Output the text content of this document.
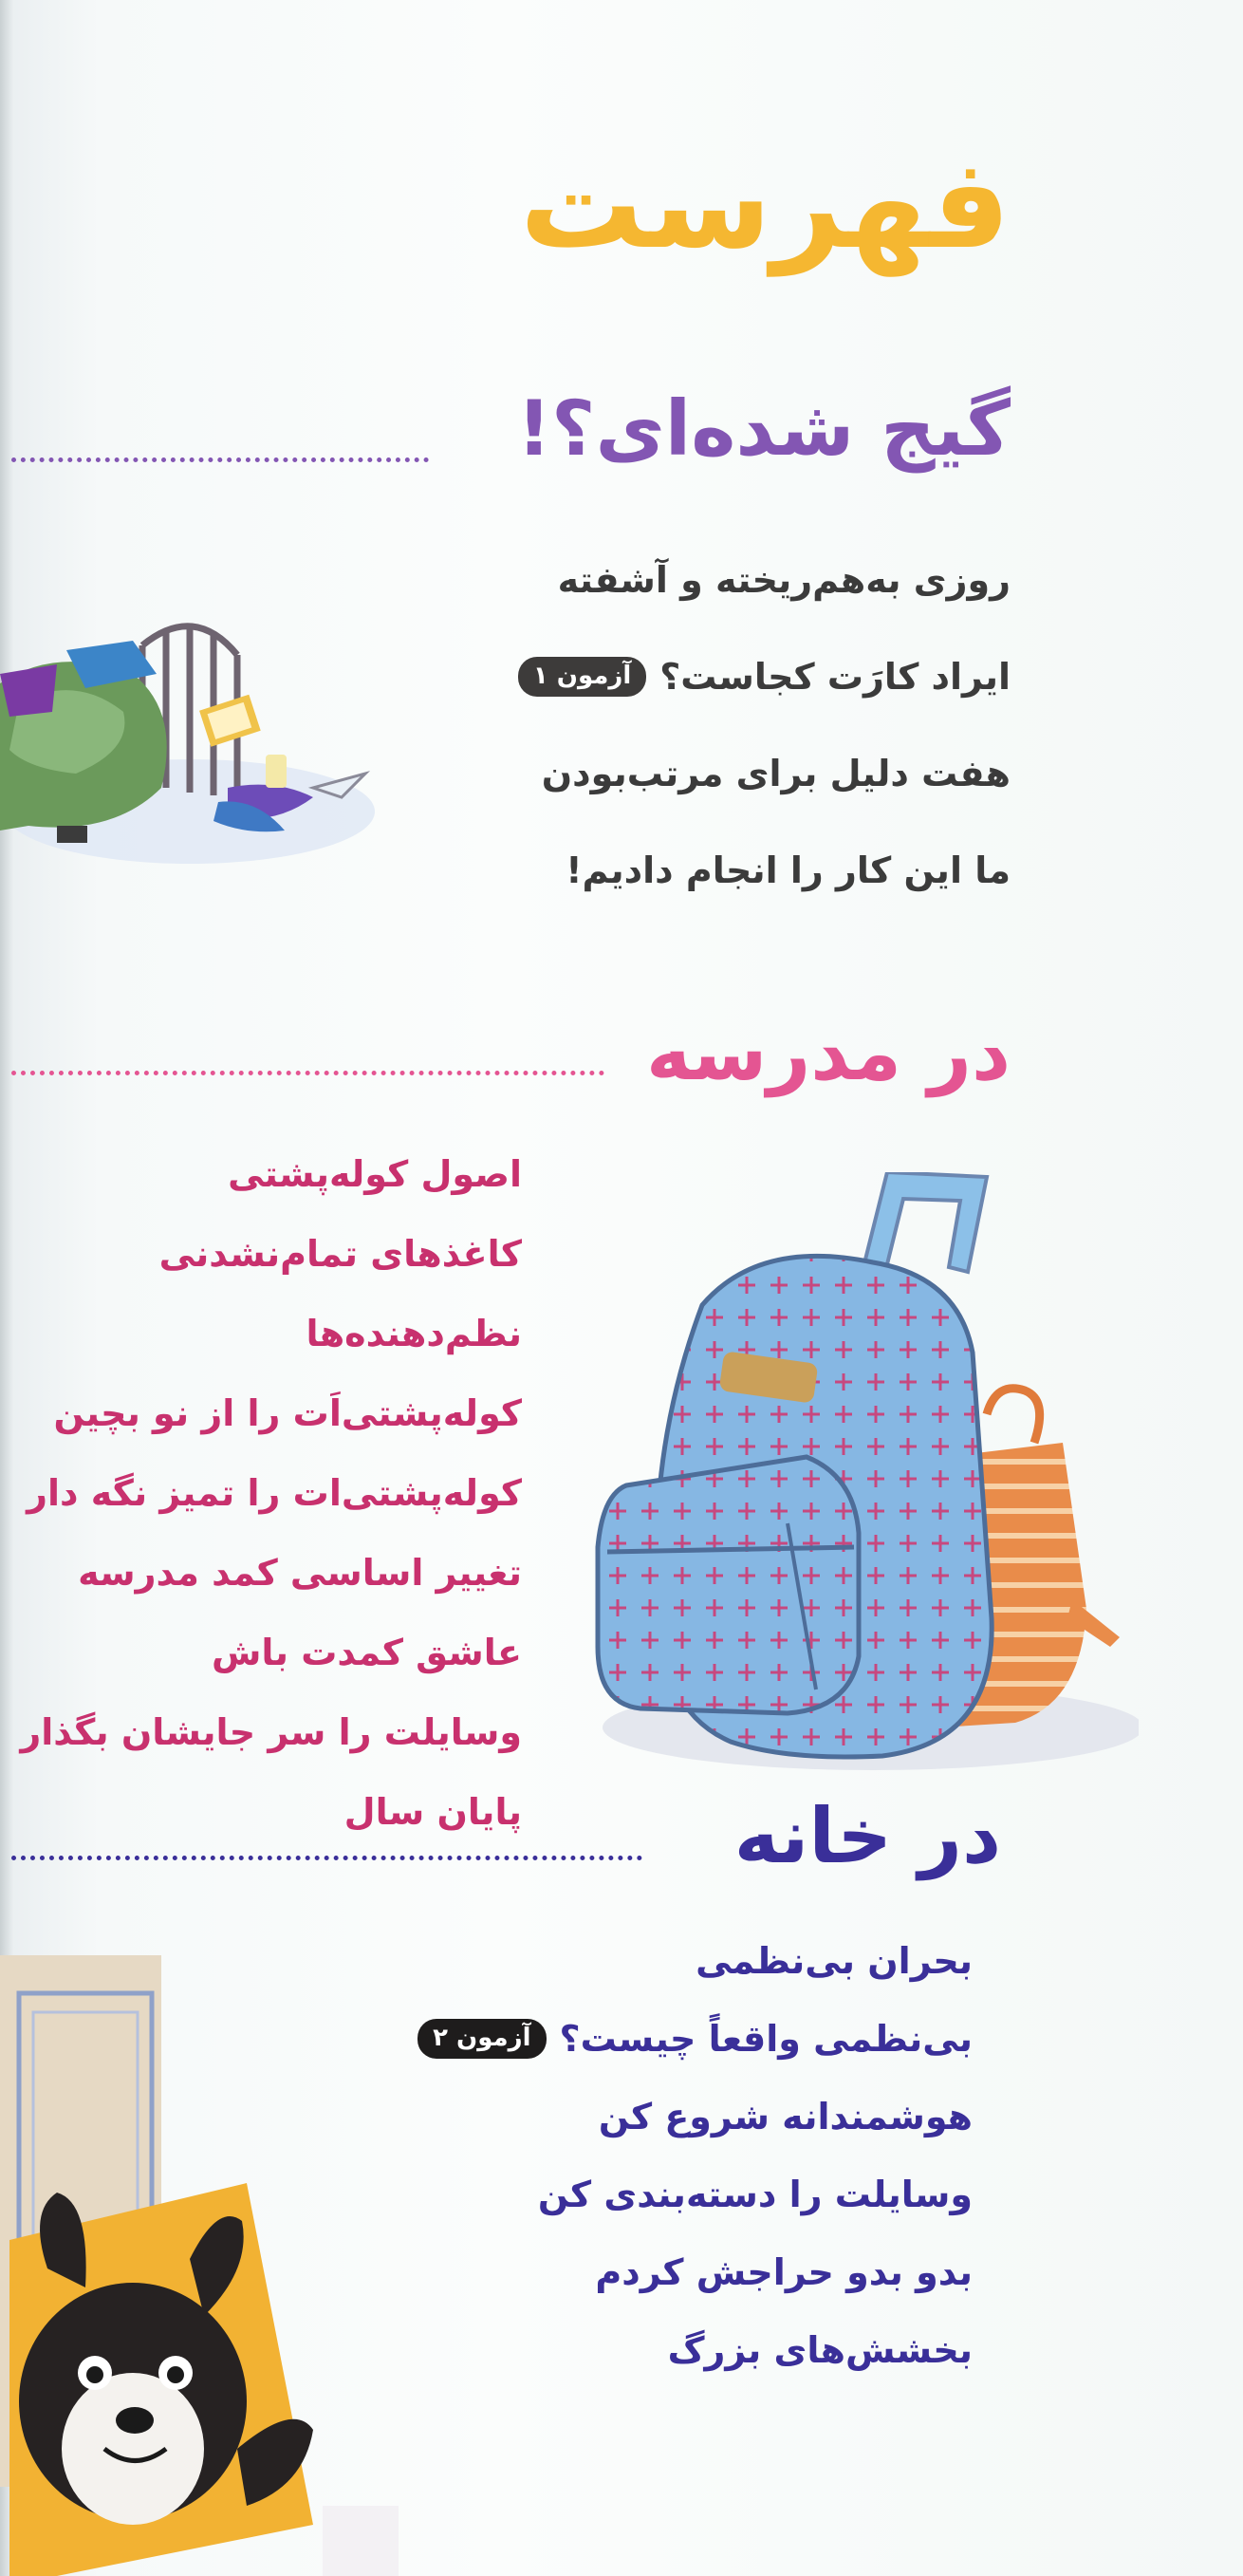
فهرست
گیج شده‌ای؟!
روزی به‌هم‌ریخته و آشفته
ایراد کارَت کجاست؟
آزمون ۱
هفت دلیل برای مرتب‌بودن
ما این کار را انجام دادیم!
در مدرسه
اصول کوله‌پشتی
کاغذهای تمام‌نشدنی
نظم‌دهنده‌ها
کوله‌پشتی‌اَت را از نو بچین
کوله‌پشتی‌ات را تمیز نگه دار
تغییر اساسی کمد مدرسه
عاشق کمدت باش
وسایلت را سر جایشان بگذار
پایان سال	در خانه
بحران بی‌نظمی
بی‌نظمی واقعاً چیست؟
آزمون ۲
هوشمندانه شروع کن
وسایلت را دسته‌بندی کن
بدو بدو حراجش کردم
بخشش‌های بزرگ
